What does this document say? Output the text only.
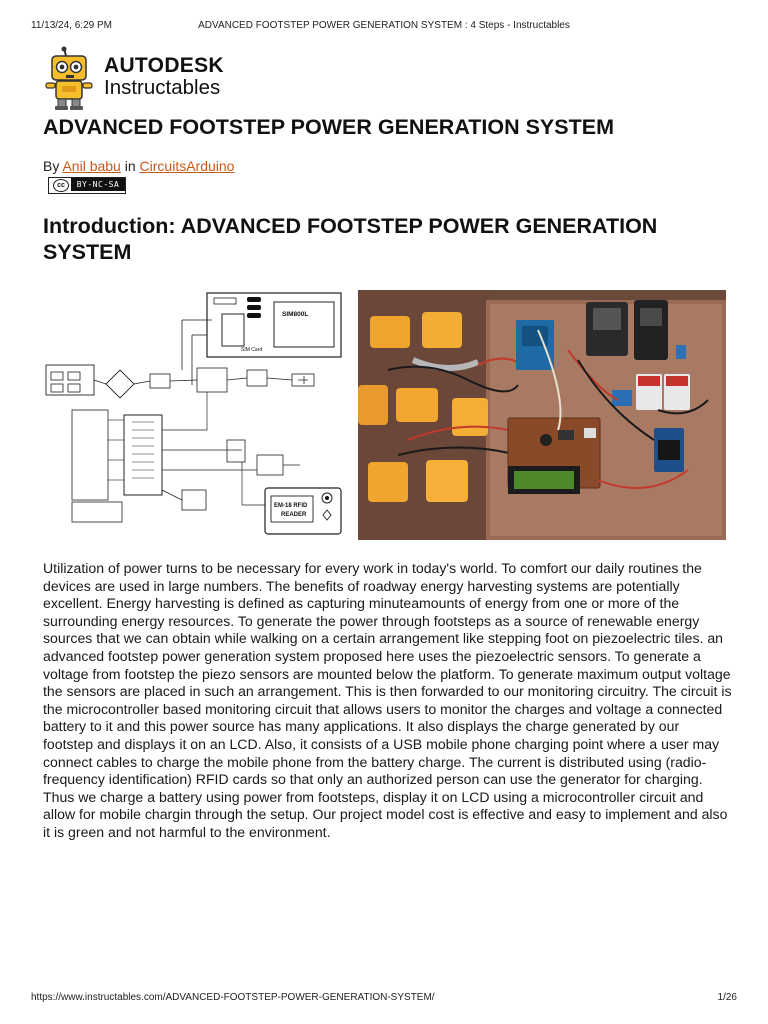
11/13/24, 6:29 PM	ADVANCED FOOTSTEP POWER GENERATION SYSTEM : 4 Steps - Instructables
AUTODESK
Instructables
ADVANCED FOOTSTEP POWER GENERATION SYSTEM
By Anil babu in CircuitsArduino
cc	BY-NC-SA
Introduction: ADVANCED FOOTSTEP POWER GENERATION SYSTEM
SIM800L
SIM Card
EM-18 RFID
READER

Utilization of power turns to be necessary for every work in today's world. To comfort our daily routines the devices are used in large numbers. The benefits of roadway energy harvesting systems are potentially excellent. Energy harvesting is defined as capturing minuteamounts of energy from one or more of the surrounding energy resources. To generate the power through footsteps as a source of renewable energy sources that we can obtain while walking on a certain arrangement like stepping foot on piezoelectric tiles. an advanced footstep power generation system proposed here uses the piezoelectric sensors. To generate a voltage from footstep the piezo sensors are mounted below the platform. To generate maximum output voltage the sensors are placed in such an arrangement. This is then forwarded to our monitoring circuitry. The circuit is the microcontroller based monitoring circuit that allows users to monitor the charges and voltage a connected battery to it and this power source has many applications. It also displays the charge generated by our footstep and displays it on an LCD. Also, it consists of a USB mobile phone charging point where a user may connect cables to charge the mobile phone from the battery charge. The current is distributed using (radio-frequency identification) RFID cards so that only an authorized person can use the generator for charging. Thus we charge a battery using power from footsteps, display it on LCD using a microcontroller circuit and allow for mobile chargin through the setup. Our project model cost is effective and easy to implement and also it is green and not harmful to the environment.

https://www.instructables.com/ADVANCED-FOOTSTEP-POWER-GENERATION-SYSTEM/	1/26
